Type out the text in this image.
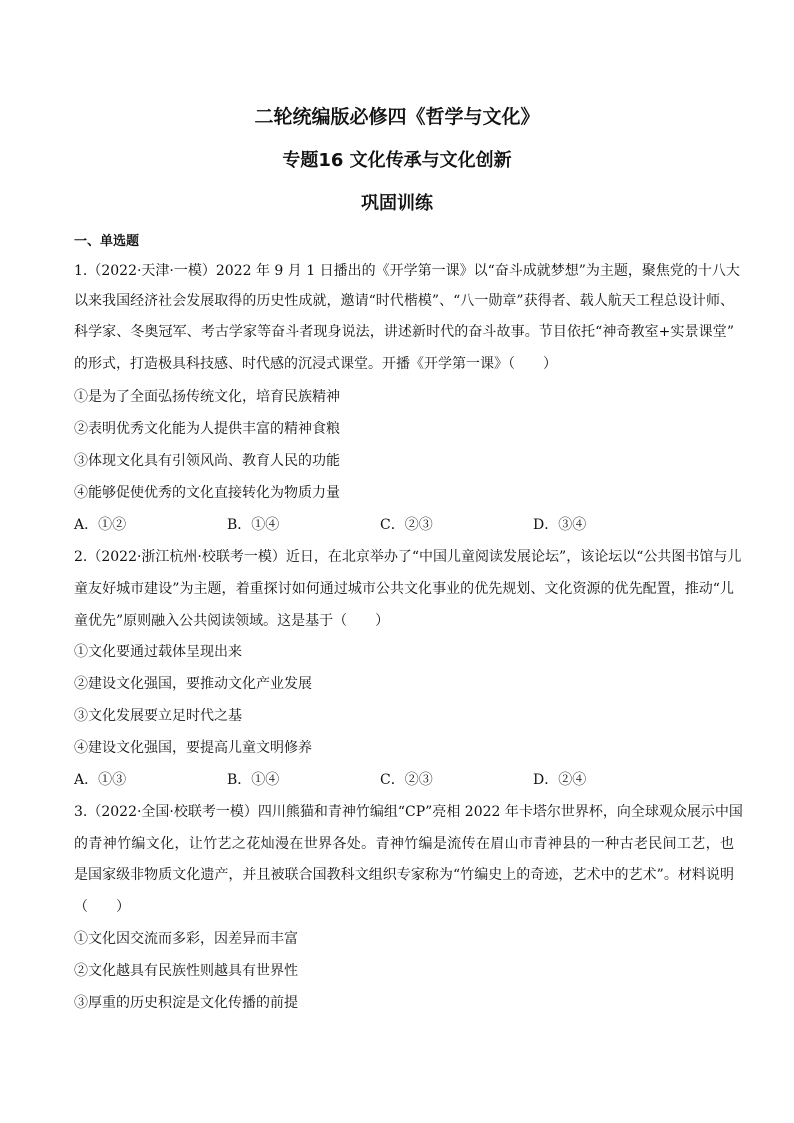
二轮统编版必修四《哲学与文化》
专题16 文化传承与文化创新
巩固训练
一、单选题
1.（2022·天津·一模）2022 年 9 月 1 日播出的《开学第一课》以“奋斗成就梦想”为主题，聚焦党的十八大
以来我国经济社会发展取得的历史性成就，邀请“时代楷模”、“八一勋章”获得者、载人航天工程总设计师、
科学家、冬奥冠军、考古学家等奋斗者现身说法，讲述新时代的奋斗故事。节目依托“神奇教室+实景课堂”
的形式，打造极具科技感、时代感的沉浸式课堂。开播《开学第一课》（　　）
①是为了全面弘扬传统文化，培育民族精神
②表明优秀文化能为人提供丰富的精神食粮
③体现文化具有引领风尚、教育人民的功能
④能够促使优秀的文化直接转化为物质力量
A．①②	B．①④	C．②③	D．③④
2.（2022·浙江杭州·校联考一模）近日，在北京举办了“中国儿童阅读发展论坛”，该论坛以“公共图书馆与儿
童友好城市建设”为主题，着重探讨如何通过城市公共文化事业的优先规划、文化资源的优先配置，推动“儿
童优先”原则融入公共阅读领域。这是基于（　　）
①文化要通过载体呈现出来
②建设文化强国，要推动文化产业发展
③文化发展要立足时代之基
④建设文化强国，要提高儿童文明修养
A．①③	B．①④	C．②③	D．②④
3.（2022·全国·校联考一模）四川熊猫和青神竹编组“CP”亮相 2022 年卡塔尔世界杯，向全球观众展示中国
的青神竹编文化，让竹艺之花灿漫在世界各处。青神竹编是流传在眉山市青神县的一种古老民间工艺，也
是国家级非物质文化遗产，并且被联合国教科文组织专家称为“竹编史上的奇迹，艺术中的艺术”。材料说明
（　　）
①文化因交流而多彩，因差异而丰富
②文化越具有民族性则越具有世界性
③厚重的历史积淀是文化传播的前提
